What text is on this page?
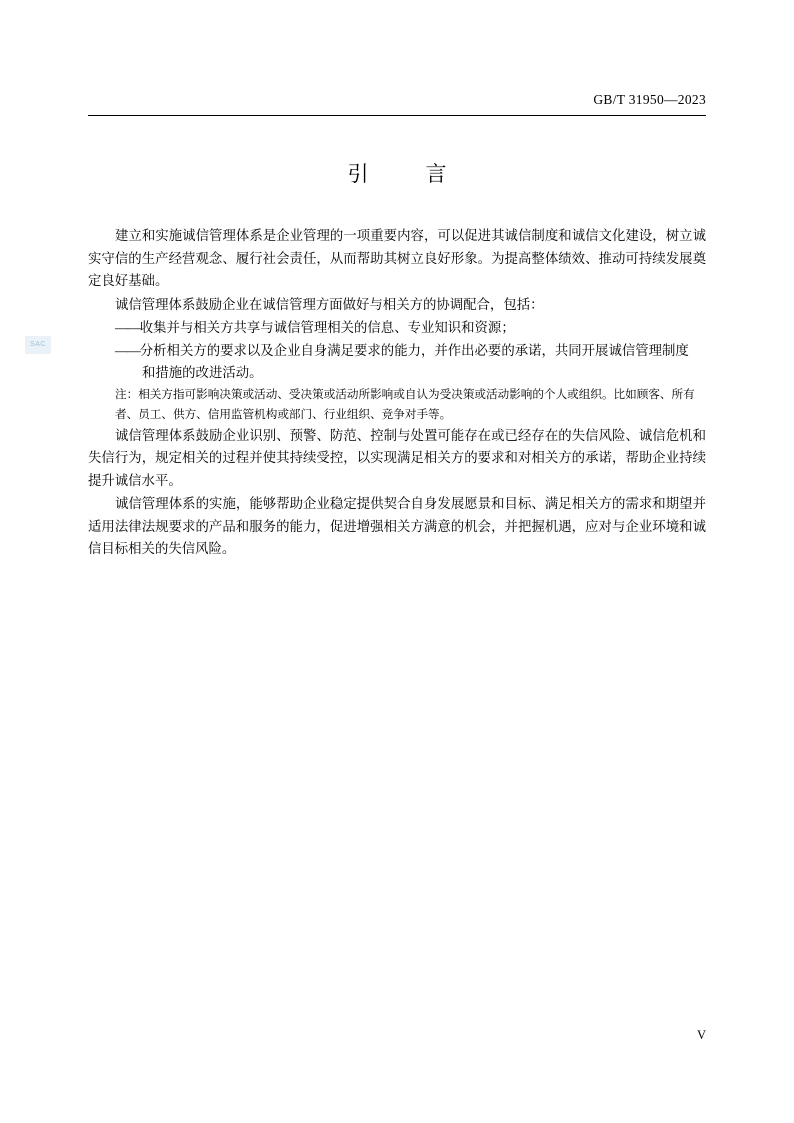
GB/T 31950—2023
引　言
SAC

建立和实施诚信管理体系是企业管理的一项重要内容，可以促进其诚信制度和诚信文化建设，树立诚实守信的生产经营观念、履行社会责任，从而帮助其树立良好形象。为提高整体绩效、推动可持续发展奠定良好基础。

诚信管理体系鼓励企业在诚信管理方面做好与相关方的协调配合，包括：

——收集并与相关方共享与诚信管理相关的信息、专业知识和资源；

——分析相关方的要求以及企业自身满足要求的能力，并作出必要的承诺，共同开展诚信管理制度

和措施的改进活动。

注：相关方指可影响决策或活动、受决策或活动所影响或自认为受决策或活动影响的个人或组织。比如顾客、所有

者、员工、供方、信用监管机构或部门、行业组织、竞争对手等。

诚信管理体系鼓励企业识别、预警、防范、控制与处置可能存在或已经存在的失信风险、诚信危机和失信行为，规定相关的过程并使其持续受控，以实现满足相关方的要求和对相关方的承诺，帮助企业持续提升诚信水平。

诚信管理体系的实施，能够帮助企业稳定提供契合自身发展愿景和目标、满足相关方的需求和期望并适用法律法规要求的产品和服务的能力，促进增强相关方满意的机会，并把握机遇，应对与企业环境和诚信目标相关的失信风险。

V
